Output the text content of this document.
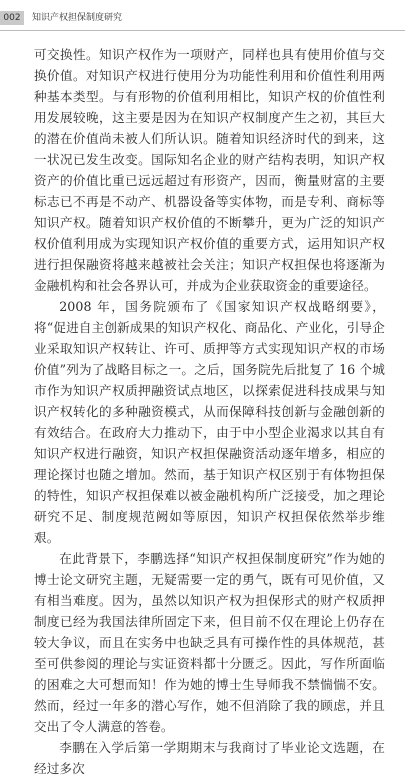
002	知识产权担保制度研究

可交换性。知识产权作为一项财产，同样也具有使用价值与交换价值。对知识产权进行使用分为功能性利用和价值性利用两种基本类型。与有形物的价值利用相比，知识产权的价值性利用发展较晚，这主要是因为在知识产权制度产生之初，其巨大的潜在价值尚未被人们所认识。随着知识经济时代的到来，这一状况已发生改变。国际知名企业的财产结构表明，知识产权资产的价值比重已远远超过有形资产，因而，衡量财富的主要标志已不再是不动产、机器设备等实体物，而是专利、商标等知识产权。随着知识产权价值的不断攀升，更为广泛的知识产权价值利用成为实现知识产权价值的重要方式，运用知识产权进行担保融资将越来越被社会关注；知识产权担保也将逐渐为金融机构和社会各界认可，并成为企业获取资金的重要途径。

2008 年，国务院颁布了《国家知识产权战略纲要》，将“促进自主创新成果的知识产权化、商品化、产业化，引导企业采取知识产权转让、许可、质押等方式实现知识产权的市场价值”列为了战略目标之一。之后，国务院先后批复了 16 个城市作为知识产权质押融资试点地区，以探索促进科技成果与知识产权转化的多种融资模式，从而保障科技创新与金融创新的有效结合。在政府大力推动下，由于中小型企业渴求以其自有知识产权进行融资，知识产权担保融资活动逐年增多，相应的理论探讨也随之增加。然而，基于知识产权区别于有体物担保的特性，知识产权担保难以被金融机构所广泛接受，加之理论研究不足、制度规范阙如等原因，知识产权担保依然举步维艰。

在此背景下，李鹏选择“知识产权担保制度研究”作为她的博士论文研究主题，无疑需要一定的勇气，既有可见价值，又有相当难度。因为，虽然以知识产权为担保形式的财产权质押制度已经为我国法律所固定下来，但目前不仅在理论上仍存在较大争议，而且在实务中也缺乏具有可操作性的具体规范，甚至可供参阅的理论与实证资料都十分匮乏。因此，写作所面临的困难之大可想而知！作为她的博士生导师我不禁惴惴不安。然而，经过一年多的潜心写作，她不但消除了我的顾虑，并且交出了令人满意的答卷。

李鹏在入学后第一学期期末与我商讨了毕业论文选题，在经过多次
